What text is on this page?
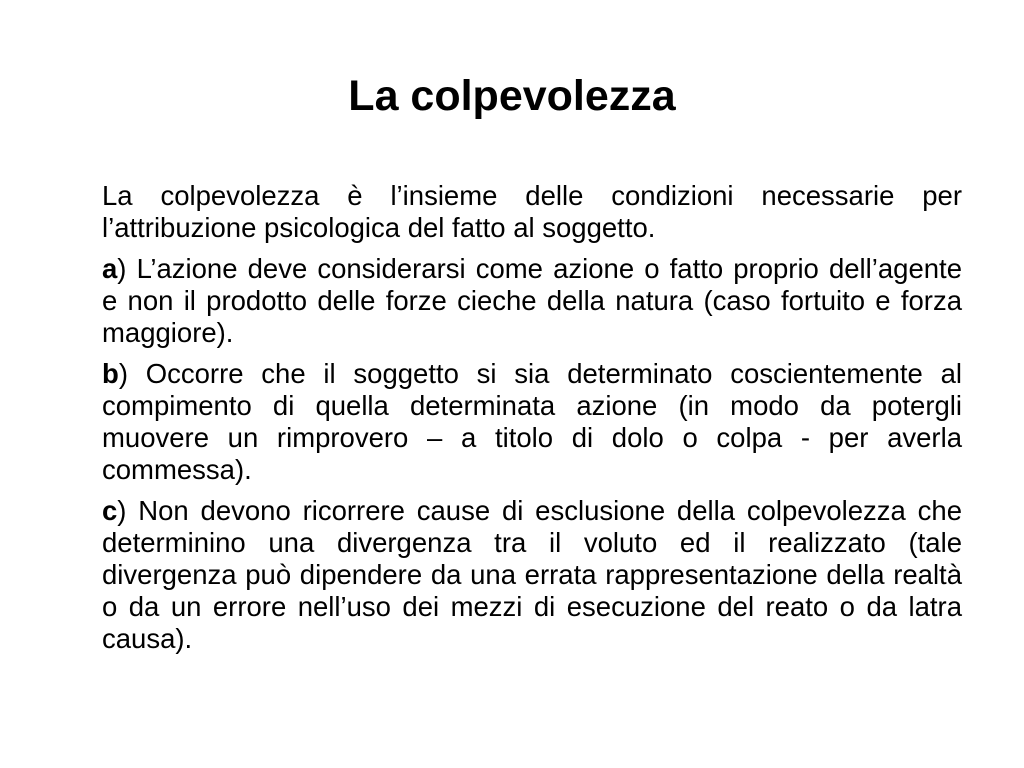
La colpevolezza

La colpevolezza è l’insieme delle condizioni necessarie per l’attribuzione psicologica del fatto al soggetto.

a) L’azione deve considerarsi come azione o fatto proprio dell’agente e non il prodotto delle forze cieche della natura (caso fortuito e forza maggiore).

b) Occorre che il soggetto si sia determinato coscientemente al compimento di quella determinata azione (in modo da potergli muovere un rimprovero – a titolo di dolo o colpa - per averla commessa).

c) Non devono ricorrere cause di esclusione della colpevolezza che determinino una divergenza tra il voluto ed il realizzato (tale divergenza può dipendere da una errata rappresentazione della realtà o da un errore nell’uso dei mezzi di esecuzione del reato o da latra causa).
